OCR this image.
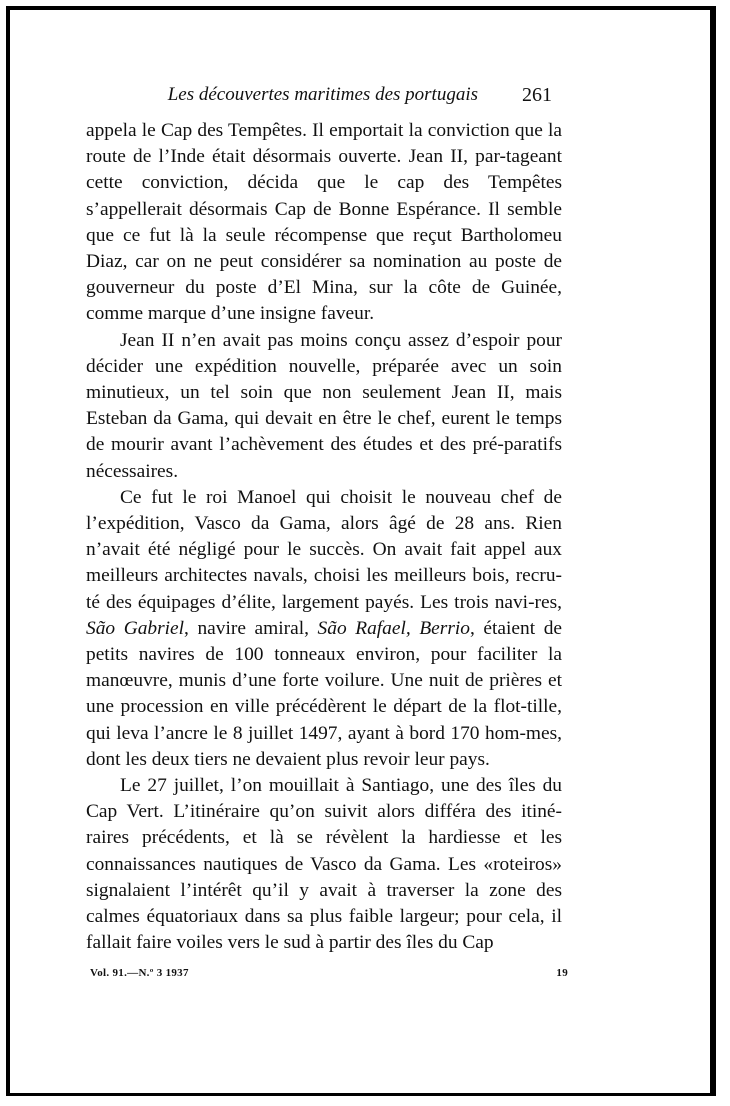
Les découvertes maritimes des portugais 261

appela le Cap des Tempêtes. Il emportait la conviction que la route de l’Inde était désormais ouverte. Jean II, par-tageant cette conviction, décida que le cap des Tempêtes s’appellerait désormais Cap de Bonne Espérance. Il semble que ce fut là la seule récompense que reçut Bartholomeu Diaz, car on ne peut considérer sa nomination au poste de gouverneur du poste d’El Mina, sur la côte de Guinée, comme marque d’une insigne faveur.

Jean II n’en avait pas moins conçu assez d’espoir pour décider une expédition nouvelle, préparée avec un soin minutieux, un tel soin que non seulement Jean II, mais Esteban da Gama, qui devait en être le chef, eurent le temps de mourir avant l’achèvement des études et des pré-paratifs nécessaires.

Ce fut le roi Manoel qui choisit le nouveau chef de l’expédition, Vasco da Gama, alors âgé de 28 ans. Rien n’avait été négligé pour le succès. On avait fait appel aux meilleurs architectes navals, choisi les meilleurs bois, recru-té des équipages d’élite, largement payés. Les trois navi-res, São Gabriel, navire amiral, São Rafael, Berrio, étaient de petits navires de 100 tonneaux environ, pour faciliter la manœuvre, munis d’une forte voilure. Une nuit de prières et une procession en ville précédèrent le départ de la flot-tille, qui leva l’ancre le 8 juillet 1497, ayant à bord 170 hom-mes, dont les deux tiers ne devaient plus revoir leur pays.

Le 27 juillet, l’on mouillait à Santiago, une des îles du Cap Vert. L’itinéraire qu’on suivit alors différa des itiné-raires précédents, et là se révèlent la hardiesse et les connaissances nautiques de Vasco da Gama. Les «roteiros» signalaient l’intérêt qu’il y avait à traverser la zone des calmes équatoriaux dans sa plus faible largeur; pour cela, il fallait faire voiles vers le sud à partir des îles du Cap

Vol. 91.—N.º 3 1937	19
